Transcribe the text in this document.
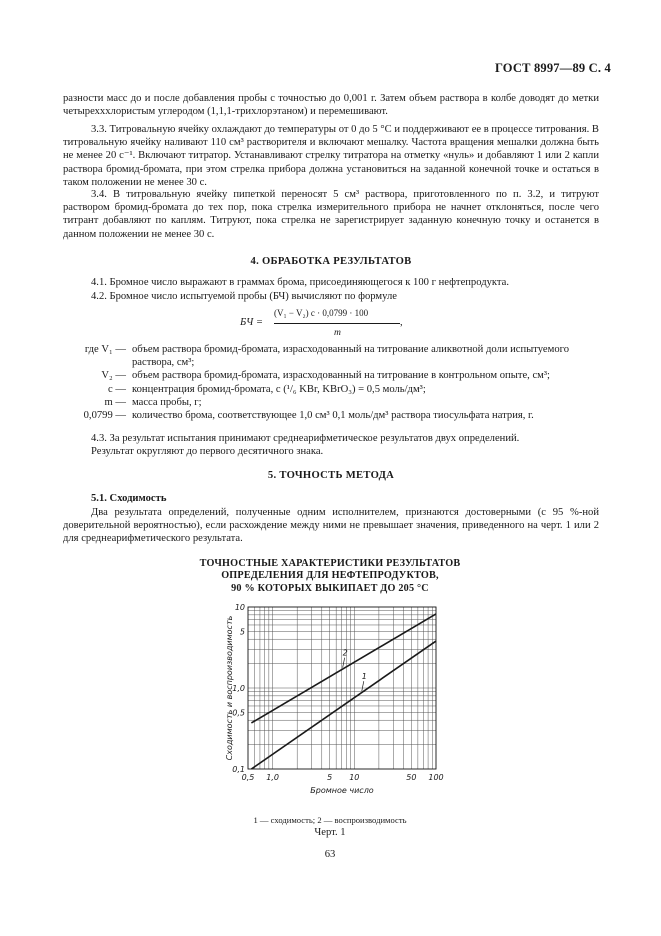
ГОСТ 8997—89 С. 4

разности масс до и после добавления пробы с точностью до 0,001 г. Затем объем раствора в колбе доводят до метки четырехххлористым углеродом (1,1,1-трихлорэтаном) и перемешивают.

3.3. Титровальную ячейку охлаждают до температуры от 0 до 5 °С и поддерживают ее в процессе титрования. В титровальную ячейку наливают 110 см³ растворителя и включают мешалку. Частота вращения мешалки должна быть не менее 20 с⁻¹. Включают титратор. Устанавливают стрелку титратора на отметку «нуль» и добавляют 1 или 2 капли раствора бромид-бромата, при этом стрелка прибора должна установиться на заданной конечной точке и остаться в таком положении не менее 30 с.

3.4. В титровальную ячейку пипеткой переносят 5 см³ раствора, приготовленного по п. 3.2, и титруют раствором бромид-бромата до тех пор, пока стрелка измерительного прибора не начнет отклоняться, после чего титрант добавляют по каплям. Титруют, пока стрелка не зарегистрирует заданную конечную точку и останется в данном положении не менее 30 с.

4. ОБРАБОТКА РЕЗУЛЬТАТОВ

4.1. Бромное число выражают в граммах брома, присоединяющегося к 100 г нефтепродукта.

4.2. Бромное число испытуемой пробы (БЧ) вычисляют по формуле

БЧ =
(V₁ − V₂) c · 0,0799 · 100
m
,
где V₁ — объем раствора бромид-бромата, израсходованный на титрование аликвотной доли испытуемого раствора, см³;
V₂ — объем раствора бромид-бромата, израсходованный на титрование в контрольном опыте, см³;
c — концентрация бромид-бромата, c (¹/₆ KBr, KBrO₃) = 0,5 моль/дм³;
m — масса пробы, г;
0,0799 — количество брома, соответствующее 1,0 см³ 0,1 моль/дм³ раствора тиосульфата натрия, г.

4.3. За результат испытания принимают среднеарифметическое результатов двух определений.

Результат округляют до первого десятичного знака.

5. ТОЧНОСТЬ МЕТОДА

5.1. Сходимость

Два результата определений, полученные одним исполнителем, признаются достоверными (с 95 %-ной доверительной вероятностью), если расхождение между ними не превышает значения, приведенного на черт. 1 или 2 для среднеарифметического результата.

ТОЧНОСТНЫЕ ХАРАКТЕРИСТИКИ РЕЗУЛЬТАТОВ
ОПРЕДЕЛЕНИЯ ДЛЯ НЕФТЕПРОДУКТОВ,
90 % КОТОРЫХ ВЫКИПАЕТ ДО 205 °С
1
2
0,5 1,0	5 10	50 100
0,1
0,5
1,0
5
10
Бромное число
Сходимость и воспроизводимость
1 — сходимость; 2 — воспроизводимость
Черт. 1
63
